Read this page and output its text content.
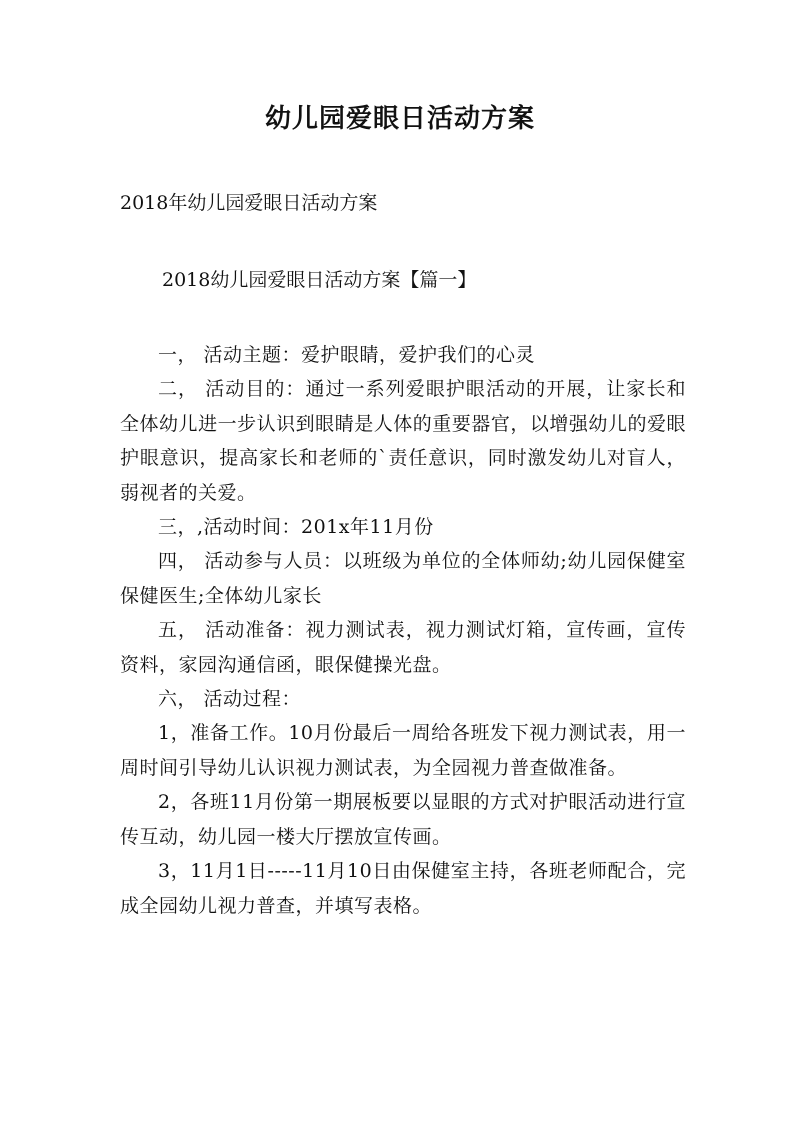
幼儿园爱眼日活动方案

2018年幼儿园爱眼日活动方案

2018幼儿园爱眼日活动方案【篇一】

一， 活动主题：爱护眼睛，爱护我们的心灵

二， 活动目的：通过一系列爱眼护眼活动的开展，让家长和全体幼儿进一步认识到眼睛是人体的重要器官，以增强幼儿的爱眼护眼意识，提高家长和老师的`责任意识，同时激发幼儿对盲人，弱视者的关爱。

三，,活动时间：201x年11月份

四， 活动参与人员：以班级为单位的全体师幼;幼儿园保健室保健医生;全体幼儿家长

五， 活动准备：视力测试表，视力测试灯箱，宣传画，宣传资料，家园沟通信函，眼保健操光盘。

六， 活动过程：

1，准备工作。10月份最后一周给各班发下视力测试表，用一周时间引导幼儿认识视力测试表，为全园视力普查做准备。

2，各班11月份第一期展板要以显眼的方式对护眼活动进行宣传互动，幼儿园一楼大厅摆放宣传画。

3，11月1日-----11月10日由保健室主持，各班老师配合，完成全园幼儿视力普查，并填写表格。
